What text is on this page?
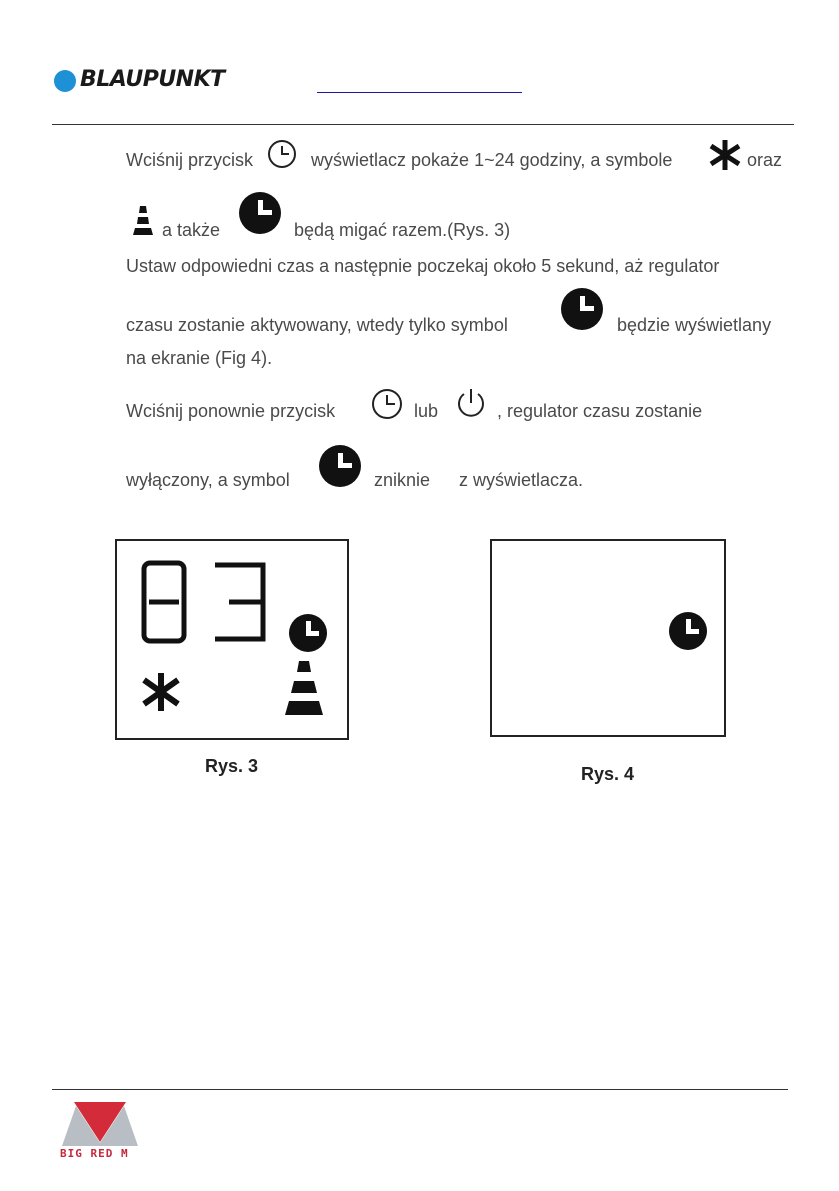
BLAUPUNKT
Wciśnij przycisk	wyświetlacz pokaże 1~24 godziny, a symbole	oraz
a także	będą migać razem.(Rys. 3)
Ustaw odpowiedni czas a następnie poczekaj około 5 sekund, aż regulator
czasu zostanie aktywowany, wtedy tylko symbol	będzie wyświetlany
na ekranie (Fig 4).
Wciśnij ponownie przycisk	lub	, regulator czasu zostanie
wyłączony, a symbol	zniknie z wyświetlacza.
Rys. 3	Rys. 4
BIG RED M
